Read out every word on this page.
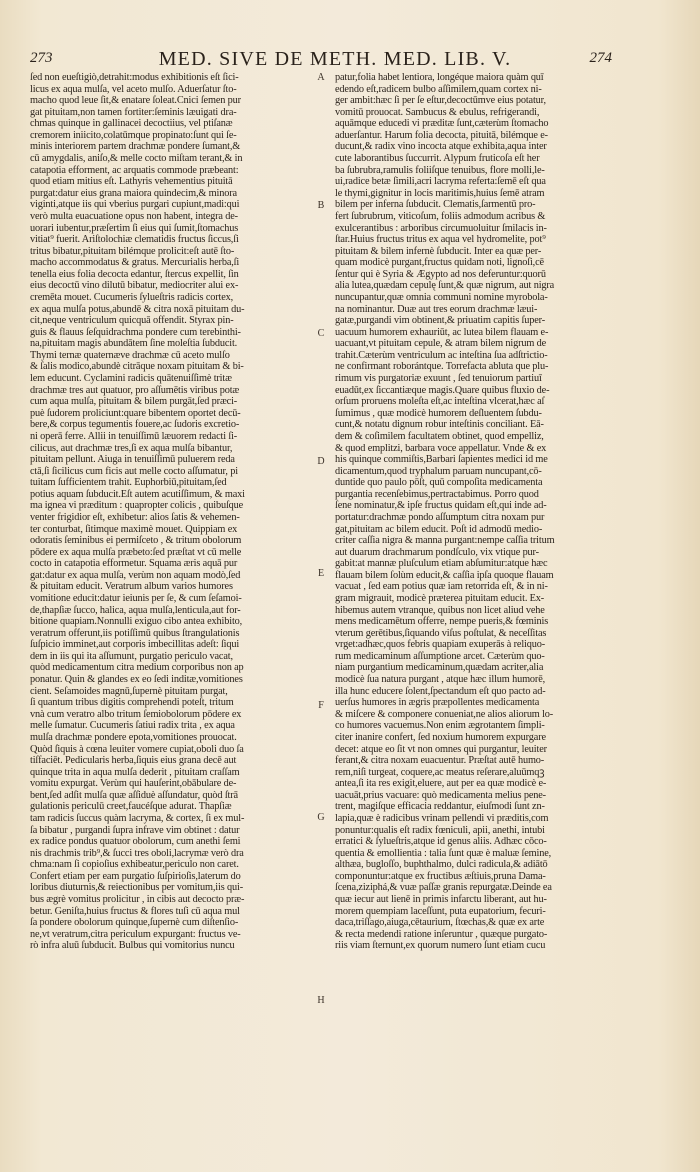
273	MED. SIVE DE METH. MED. LIB. V.	274
ſed non eueſtigiò,detrahit:modus exhibitionis eſt ſici-
licus ex aqua mulſa, vel aceto mulſo. Aduerſatur ſto-
macho quod leue ſit,& enatare ſoleat.Cnici ſemen pur
gat pituitam,non tamen fortiter:ſeminis læuigati dra-
chmas quinque in gallinacei decoctiius, vel ptiſanæ
cremorem iniicito,colatūmque propinato:ſunt qui ſe-
minis interiorem partem drachmæ pondere ſumant,&
cū amygdalis, aniſo,& melle cocto miſtam terant,& in
catapotia efforment, ac arquatis commode præbeant:
quod etiam mitius eſt. Lathyris vehementius pituitā
purgat:datur eius grana maiora quindecim,& minora
viginti,atque iis qui vberius purgari cupiunt,madi:qui
verò multa euacuatione opus non habent, integra de-
uorari iubentur,præſertim ſi eius qui ſumit,ſtomachus
vitiat⁹ fuerit. Ariſtolochiæ clematidis fructus ſiccus,ſi
tritus bibatur,pituitam bilémque prolicit:eſt autē ſto-
macho accommodatus & gratus. Mercurialis herba,ſi
tenella eius folia decocta edantur, ſtercus expellit, ſin
eius decoctū vino dilutū bibatur, mediocriter alui ex-
cremēta mouet. Cucumeris ſylueſtris radicis cortex,
ex aqua mulſa potus,abundē & citra noxā pituitam du-
cit,neque ventriculum quicquā offendit. Styrax pin-
guis & flauus ſeſquidrachma pondere cum terebinthi-
na,pituitam magis abundātem ſine moleſtia ſubducit.
Thymi ternæ quaternæve drachmæ cū aceto mulſo
& ſalis modico,abundè citrāque noxam pituitam & bi-
lem educunt. Cyclamini radicis quātenuiſſimè tritæ
drachmæ tres aut quatuor, pro aſſumētis viribus potæ
cum aqua mulſa, pituitam & bilem purgāt,ſed præci-
puè ſudorem proliciunt:quare bibentem oportet decū-
bere,& corpus tegumentis fouere,ac ſudoris excretio-
ni operā ferre. Allii in tenuiſſimū læuorem redacti ſi-
cilicus, aut drachmæ tres,ſi ex aqua mulſa bibantur,
pituitam pellunt. Aiuga in tenuiſſimū puluerem reda
ctā,ſi ſicilicus cum ficis aut melle cocto aſſumatur, pi
tuitam ſufficientem trahit. Euphorbiū,pituitam,ſed
potius aquam ſubducit.Eſt autem acutiſſimum, & maxi
ma ignea vi præditum : quapropter colicis , quibuſque
venter frigidior eſt, exhibetur: alios ſatis & vehemen-
ter conturbat, ſitimque maximè mouet. Quippiam ex
odoratis ſeminibus ei permiſceto , & tritum obolorum
pōdere ex aqua mulſa præbeto:ſed præſtat vt cū melle
cocto in catapotia efformetur. Squama æris aquā pur
gat:datur ex aqua mulſa, verùm non aquam modò,ſed
& pituitam educit. Veratrum album varios humores
vomitione educit:datur ieiunis per ſe, & cum ſeſamoi-
de,thapſiæ ſucco, halica, aqua mulſa,lenticula,aut for-
bitione quapiam.Nonnulli exiguo cibo antea exhibito,
veratrum offerunt,iis potiſſimū quibus ſtrangulationis
ſuſpicio imminet,aut corporis imbecillitas adeſt: ſiqui
dem in iis qui ita aſſumunt, purgatio periculo vacat,
quòd medicamentum citra medium corporibus non ap
ponatur. Quin & glandes ex eo ſedi inditæ,vomitiones
cient. Seſamoides magnū,ſupernè pituitam purgat,
ſi quantum tribus digitis comprehendi poteſt, tritum
vnà cum veratro albo tritum ſemiobolorum pōdere ex
melle ſumatur. Cucumeris ſatiui radix trita , ex aqua
mulſa drachmæ pondere epota,vomitiones prouocat.
Quòd ſiquis à cœna leuiter vomere cupiat,oboli duo ſa
tiſfaciēt. Pedicularis herba,ſiquis eius grana decē aut
quinque trita in aqua mulſa dederit , pituitam craſſam
vomitu expurgat. Verùm qui hauſerint,obābulare de-
bent,ſed adſit mulſa quæ aſſiduè aſſundatur, quòd ſtrā
gulationis periculū creet,faucéſque adurat. Thapſiæ
tam radicis ſuccus quàm lacryma, & cortex, ſi ex mul-
ſa bibatur , purgandi ſupra infrave vim obtinet : datur
ex radice pondus quatuor obolorum, cum anethi ſemi
nis drachmis trib⁹,& ſucci tres oboli,lacrymæ verò dra
chma:nam ſi copioſius exhibeatur,periculo non caret.
Confert etiam per eam purgatio ſuſpirioſis,laterum do
loribus diuturnis,& reiectionibus per vomitum,iis qui-
bus ægrè vomitus prolicitur , in cibis aut decocto præ-
betur. Geniſta,huius fructus & flores tuſi cū aqua mul
ſa pondere obolorum quinque,ſupernè cum diſtenſio-
ne,vt veratrum,citra periculum expurgant: fructus ve-
rò infra aluū ſubducit. Bulbus qui vomitorius nuncu
A
B
C
D
E
F
G
H
patur,folia habet lentiora, longéque maiora quàm quī
edendo eſt,radicem bulbo aſſimilem,quam cortex ni-
ger ambit:hæc ſi per ſe eſtur,decoctūmve eius potatur,
vomitū prouocat. Sambucus & ebulus, refrigerandi,
aquāmque educedi vi præditæ ſunt,cæterùm ſtomacho
aduerſantur. Harum folia decocta, pituitā, bilémque e-
ducunt,& radix vino incocta atque exhibita,aqua inter
cute laborantibus ſuccurrit. Alypum fruticoſa eſt her
ba ſubrubra,ramulis foliiſque tenuibus, flore molli,le-
ui,radice betæ ſimili,acri lacryma referta:ſemē eſt qua
le thymi,gignitur in locis maritimis,huius ſemē atram
bilem per inferna ſubducit. Clematis,ſarmentū pro-
fert ſubrubrum, viticoſum, foliis admodum acribus &
exulcerantibus : arboribus circumuoluitur ſmilacis in-
ſtar.Huius fructus tritus ex aqua vel hydromelite, pot⁹
pituitam & bilem infernè ſubducit. Inter ea quæ per-
quam modicè purgant,fructus quidam noti, lignoſi,cē
ſentur qui è Syria & Ægypto ad nos deferuntur:quorū
alia lutea,quædam cepulę ſunt,& quæ nigrum, aut nigra
nuncupantur,quæ omnia communi nomine myrobola-
na nominantur. Duæ aut tres eorum drachmæ læui-
gatæ,purgandi vim obtinent,& priuatim capitis ſuper-
uacuum humorem exhauriūt, ac lutea bilem flauam e-
uacuant,vt pituitam cepule, & atram bilem nigrum de
trahit.Cæterùm ventriculum ac inteſtina ſua adſtrictio-
ne confirmant roborántque. Torrefacta abluta que plu-
rimum vis purgatoriæ exuunt , ſed tenuiorum partiuī
euadūt,ex ſiccantiæque magis.Quare quibus fluxio de-
orſum proruens moleſta eſt,ac inteſtina vlcerat,hæc aſ
ſumimus , quæ modicè humorem deſluentem ſubdu-
cunt,& notatu dignum robur inteſtinis conciliant. Eā-
dem & coſimilem facultatem obtinet, quod empelliz,
& quod emplitzi, barbara voce appellatur. Vnde & ex
his quinque commiſtis,Barbari ſapientes medici id me
dicamentum,quod tryphalum paruam nuncupant,cō-
duntide quo paulo pōſt, quū compoſita medicamenta
purgantia recenſebimus,pertractabimus. Porro quod
ſene nominatur,& ipſe fructus quidam eſt,qui inde ad-
portatur:drachmæ pondo aſſumptum citra noxam pur
gat,pituitam ac bilem educit. Poſt id admodū medio-
criter caſſia nigra & manna purgant:nempe caſſia tritum
aut duarum drachmarum pondſculo, vix vtique pur-
gabit:at mannæ pluſculum etiam abſumitur:atque hæc
flauam bilem ſolùm educit,& caſſia ipſa quoque flauam
vacuat , ſed eam potius quæ iam retorrida eſt, & in ni-
gram migrauit, modicè præterea pituitam educit. Ex-
hibemus autem vtranque, quibus non licet aliud vehe
mens medicamētum offerre, nempe pueris,& fœminis
vterum gerētibus,ſiquando viſus poſtulat, & neceſſitas
vrget:adhæc,quos febris quapiam exuperās à reliquo-
rum medicaminum aſſumptione arcet. Cæterùm quo-
niam purgantium medicaminum,quædam acriter,alia
modicè ſua natura purgant , atque hæc illum humorē,
illa hunc educere ſolent,ſpectandum eſt quo pacto ad-
uerſus humores in ægris præpollentes medicamenta
& miſcere & componere conueniat,ne alios aliorum lo-
co humores vacuemus.Non enim ægrotantem ſimpli-
citer inanire confert, ſed noxium humorem expurgare
decet: atque eo ſit vt non omnes qui purgantur, leuiter
ferant,& citra noxam euacuentur. Præſtat autē humo-
rem,niſi turgeat, coquere,ac meatus reſerare,aluūmqꝫ
antea,ſi ita res exigit,eluere, aut per ea quæ modicè e-
uacuāt,prius vacuare: quò medicamenta melius pene-
trent, magiſque efficacia reddantur, eiuſmodi ſunt zn-
lapia,quæ è radicibus vrinam pellendi vi præditis,com
ponuntur:qualis eſt radix fœniculi, apii, anethi, intubi
erratici & ſylueſtris,atque id genus aliis. Adhæc cōco-
quentia & emollientia : talia ſunt quæ è maluæ ſemine,
althæa, bugloſſo, buphthalmo, dulci radicula,& adiātō
componuntur:atque ex fructibus æſtiuis,pruna Dama-
ſcena,ziziphá,& vuæ paſſæ granis repurgatæ.Deinde ea
quæ iecur aut lienē in primis infarctu liberant, aut hu-
morem quempiam laceſſunt, puta eupatorium, fecuri-
daca,triſſago,aiuga,cētaurium, ſtœchas,& quæ ex arte
& recta medendi ratione inſeruntur , quæque purgato-
riis viam ſternunt,ex quorum numero ſunt etiam cucu
